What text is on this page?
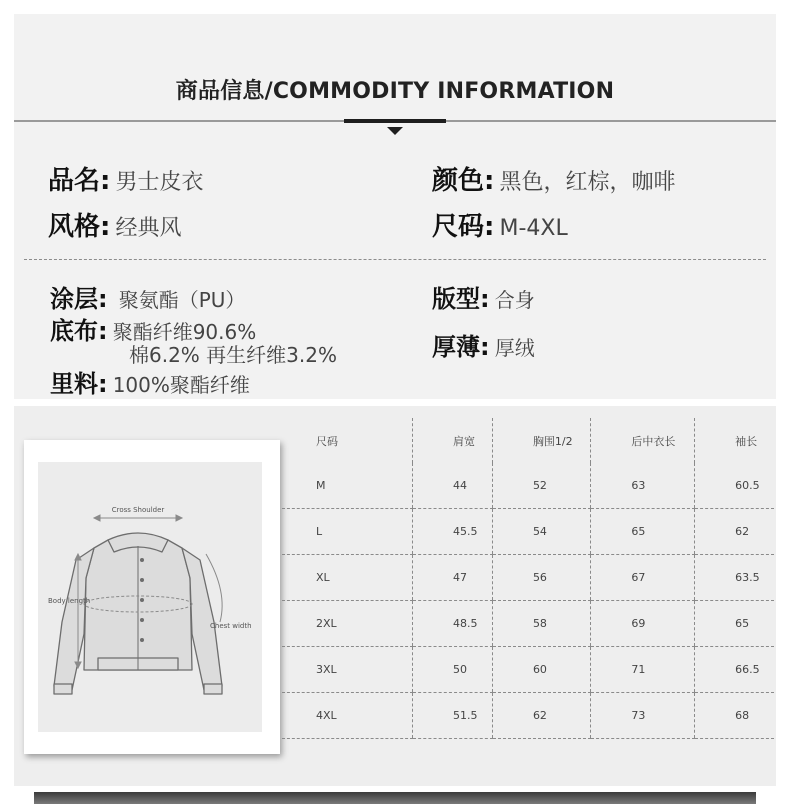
商品信息/COMMODITY INFORMATION
品名: 男士皮衣	颜色: 黑色，红棕，咖啡
风格: 经典风	尺码: M-4XL
涂层: 聚氨酯（PU）
底布: 聚酯纤维90.6%
棉6.2% 再生纤维3.2%
里料: 100%聚酯纤维
版型: 合身
厚薄: 厚绒
Cross Shoulder
Body length
Chest width
尺码	肩宽	胸围1/2	后中衣长	袖长
M	44	52	63	60.5
L	45.5	54	65	62
XL	47	56	67	63.5
2XL	48.5	58	69	65
3XL	50	60	71	66.5
4XL	51.5	62	73	68
